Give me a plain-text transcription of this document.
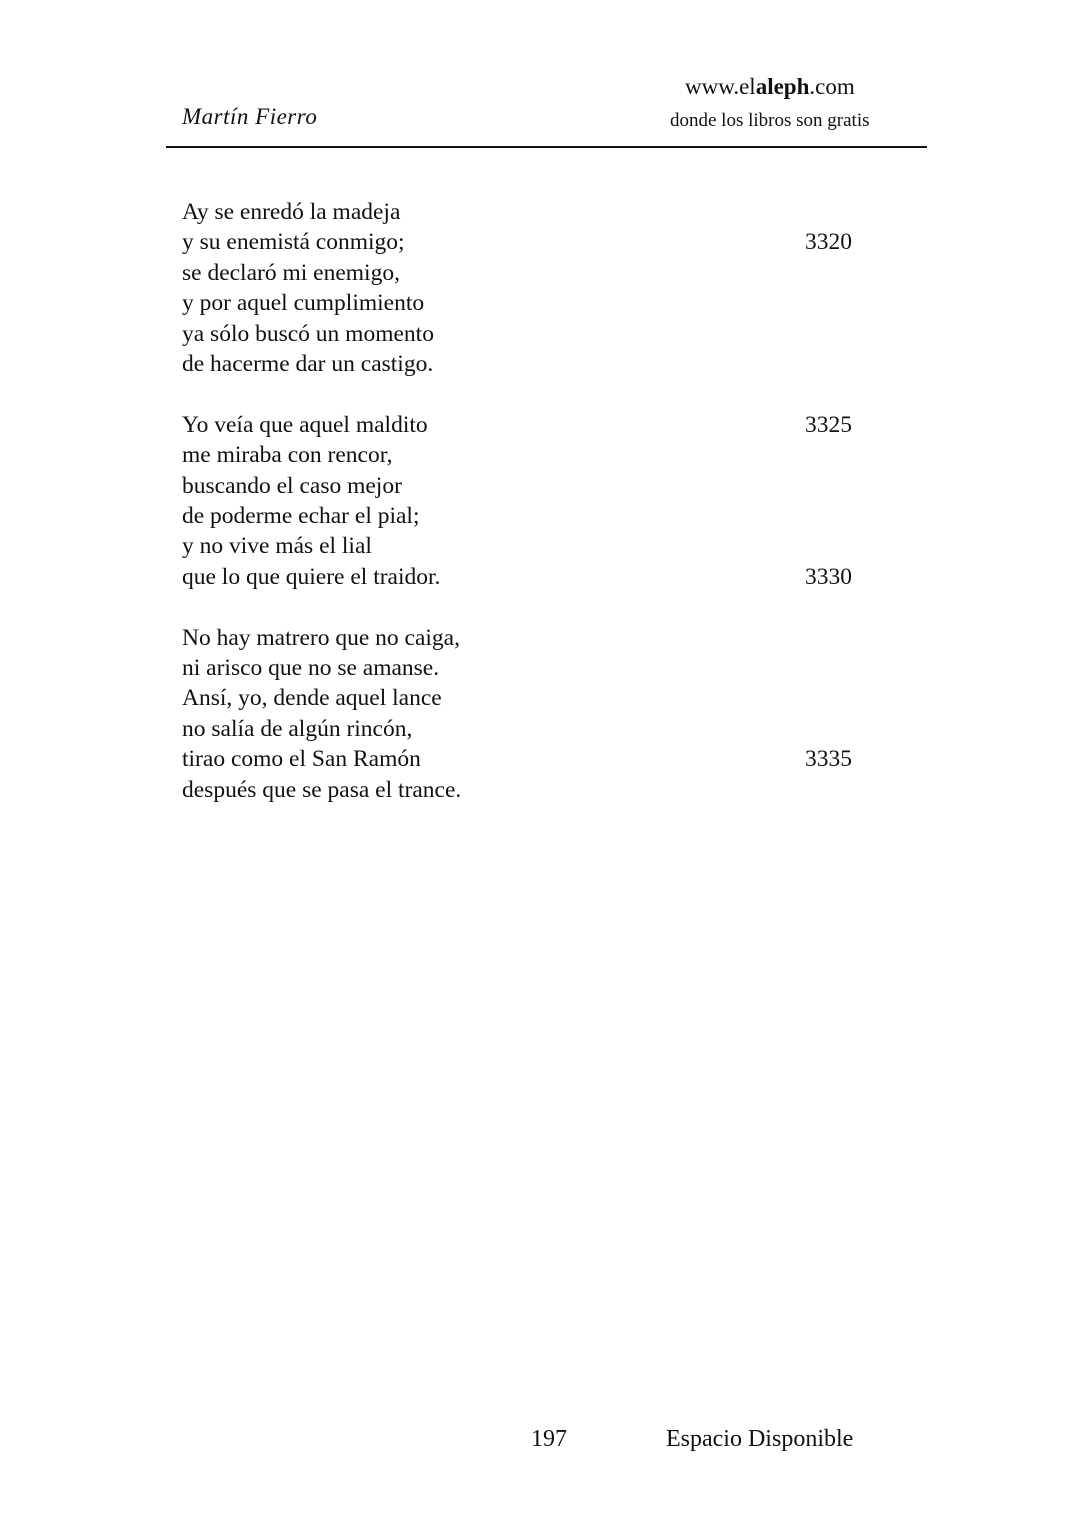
Martín Fierro
www.elaleph.com
donde los libros son gratis
Ay se enredó la madeja
y su enemistá conmigo;	3320
se declaró mi enemigo,
y por aquel cumplimiento
ya sólo buscó un momento
de hacerme dar un castigo.
Yo veía que aquel maldito	3325
me miraba con rencor,
buscando el caso mejor
de poderme echar el pial;
y no vive más el lial
que lo que quiere el traidor.	3330
No hay matrero que no caiga,
ni arisco que no se amanse.
Ansí, yo, dende aquel lance
no salía de algún rincón,
tirao como el San Ramón	3335
después que se pasa el trance.
197	Espacio Disponible
